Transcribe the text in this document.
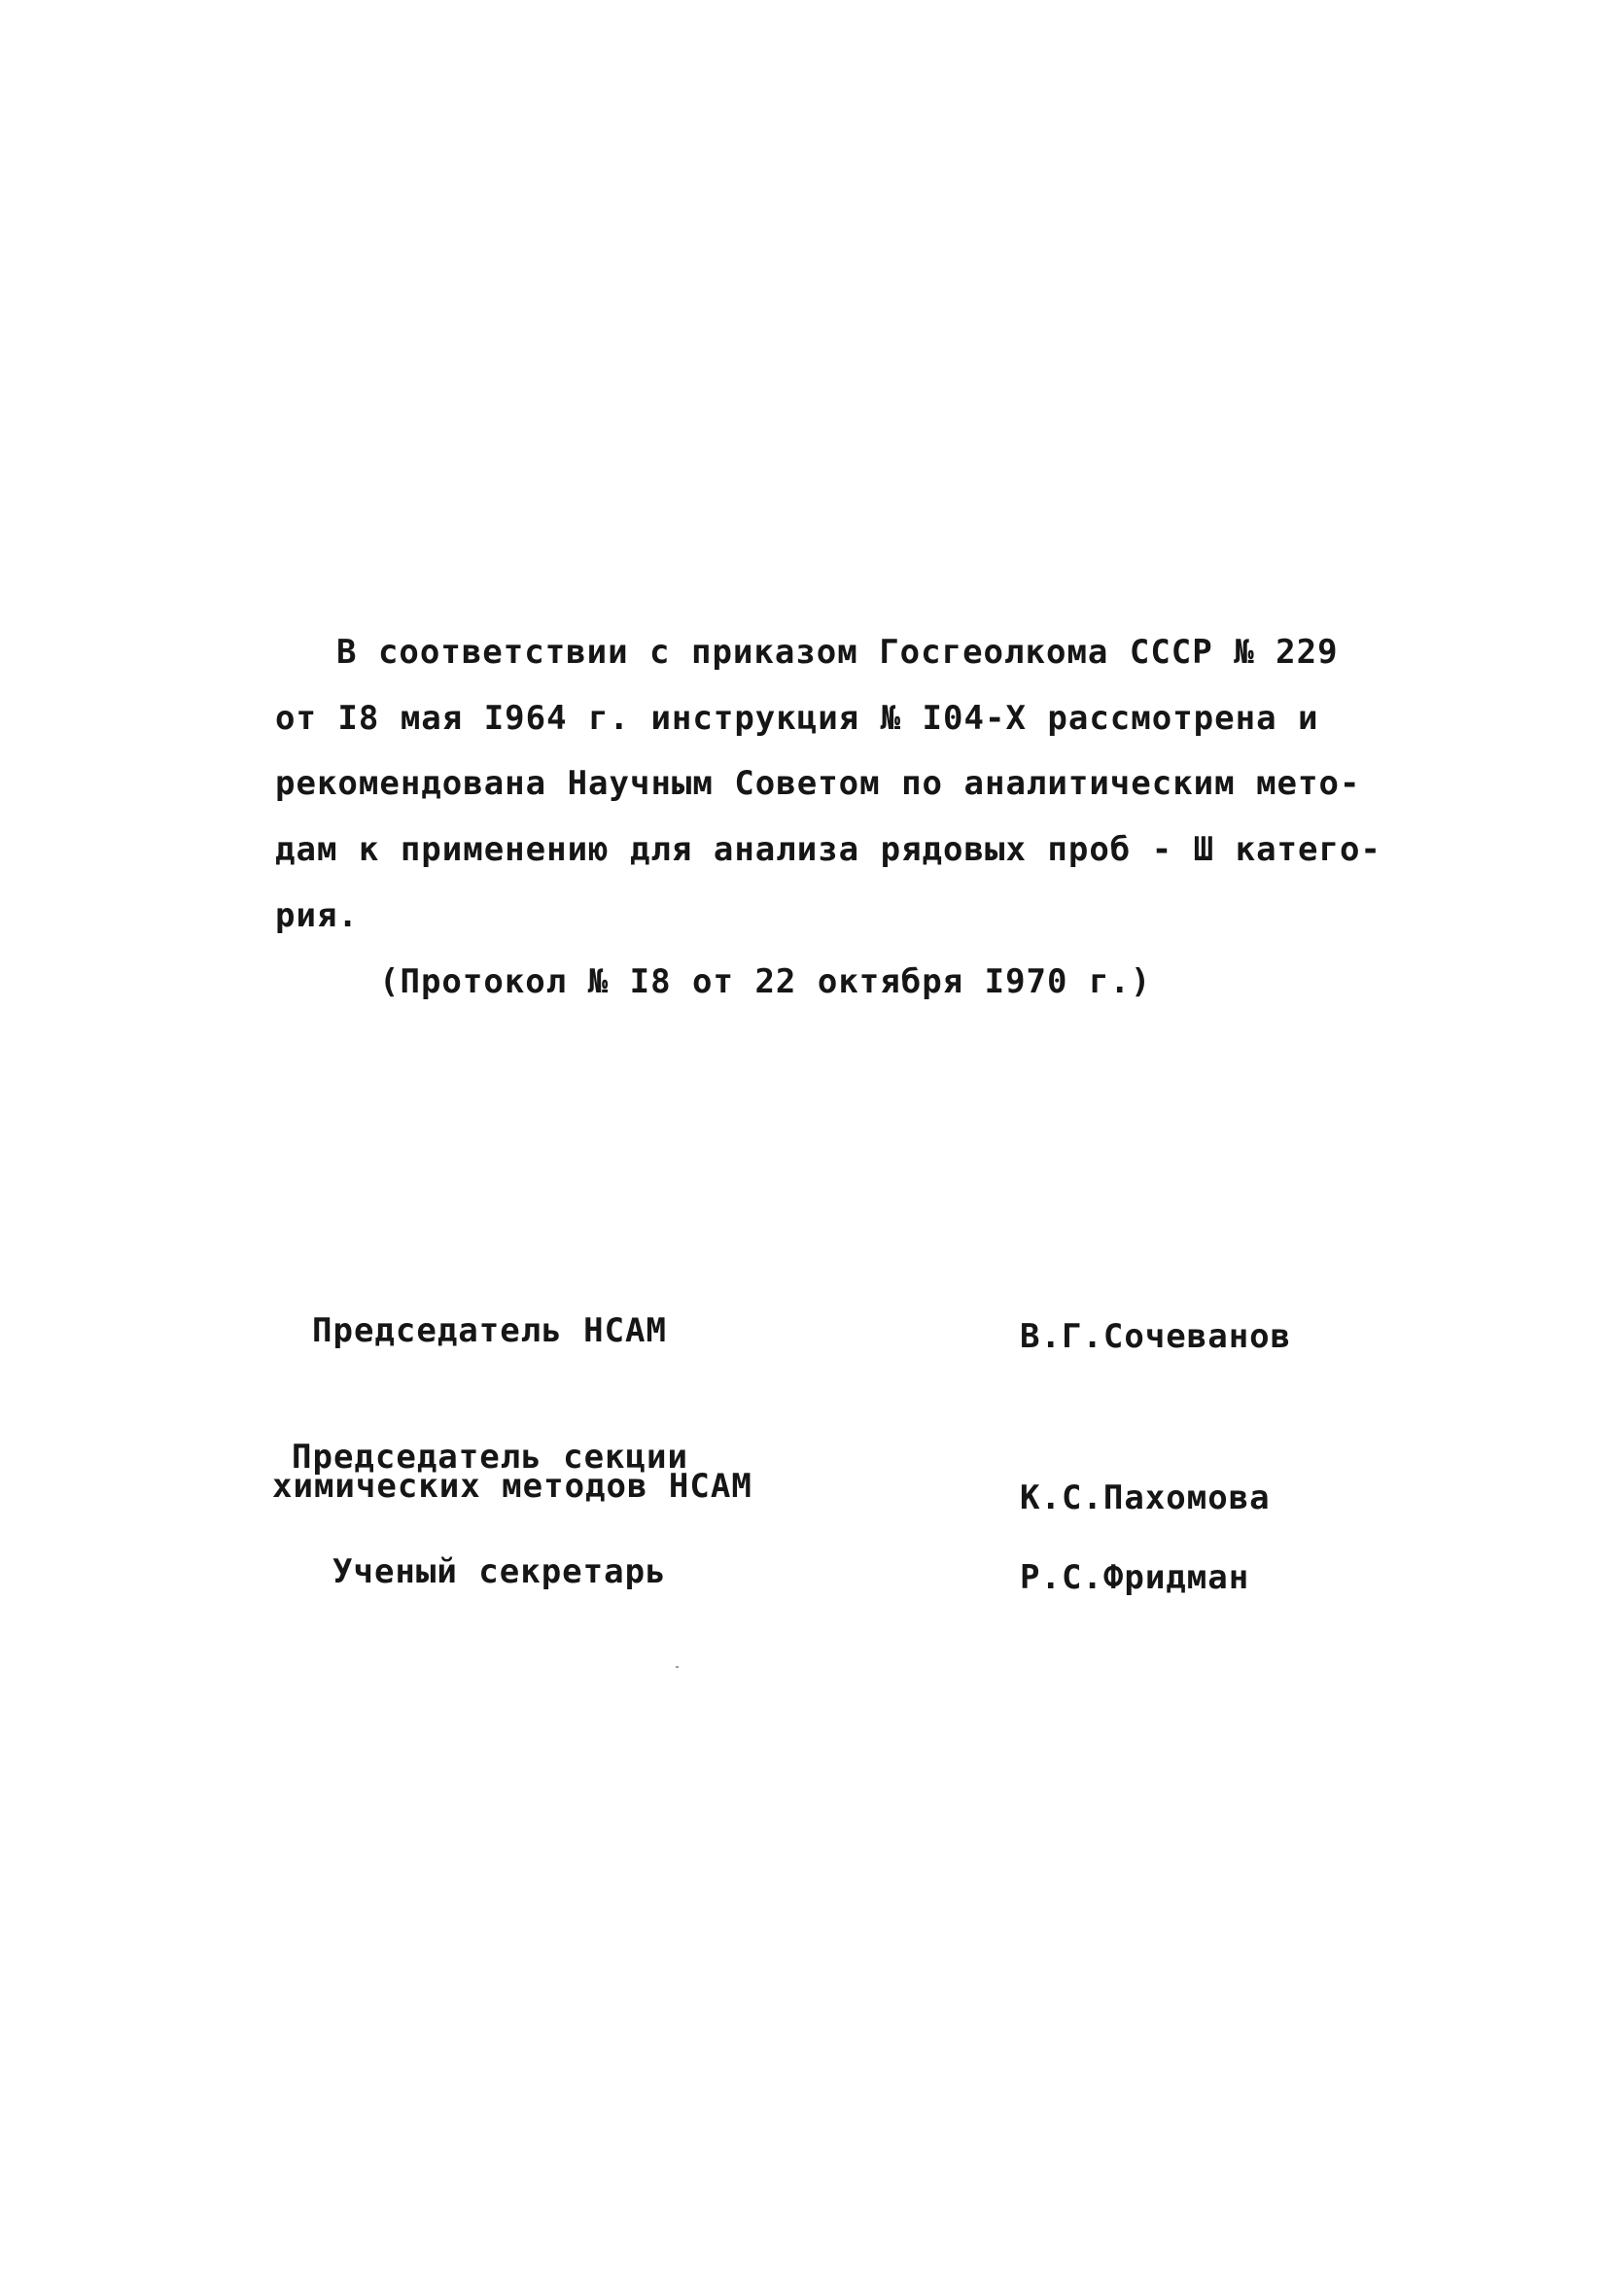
В соответствии с приказом Госгеолкома СССР № 229
от I8 мая I964 г. инструкция № I04-Х рассмотрена и
рекомендована Научным Советом по аналитическим мето-
дам к применению для анализа рядовых проб - Ш катего-
рия.
(Протокол № I8 от 22 октября I970 г.)
Председатель НСАМ	В.Г.Сочеванов
Председатель секции
химических методов НСАМ	К.С.Пахомова
Ученый секретарь	Р.С.Фридман
